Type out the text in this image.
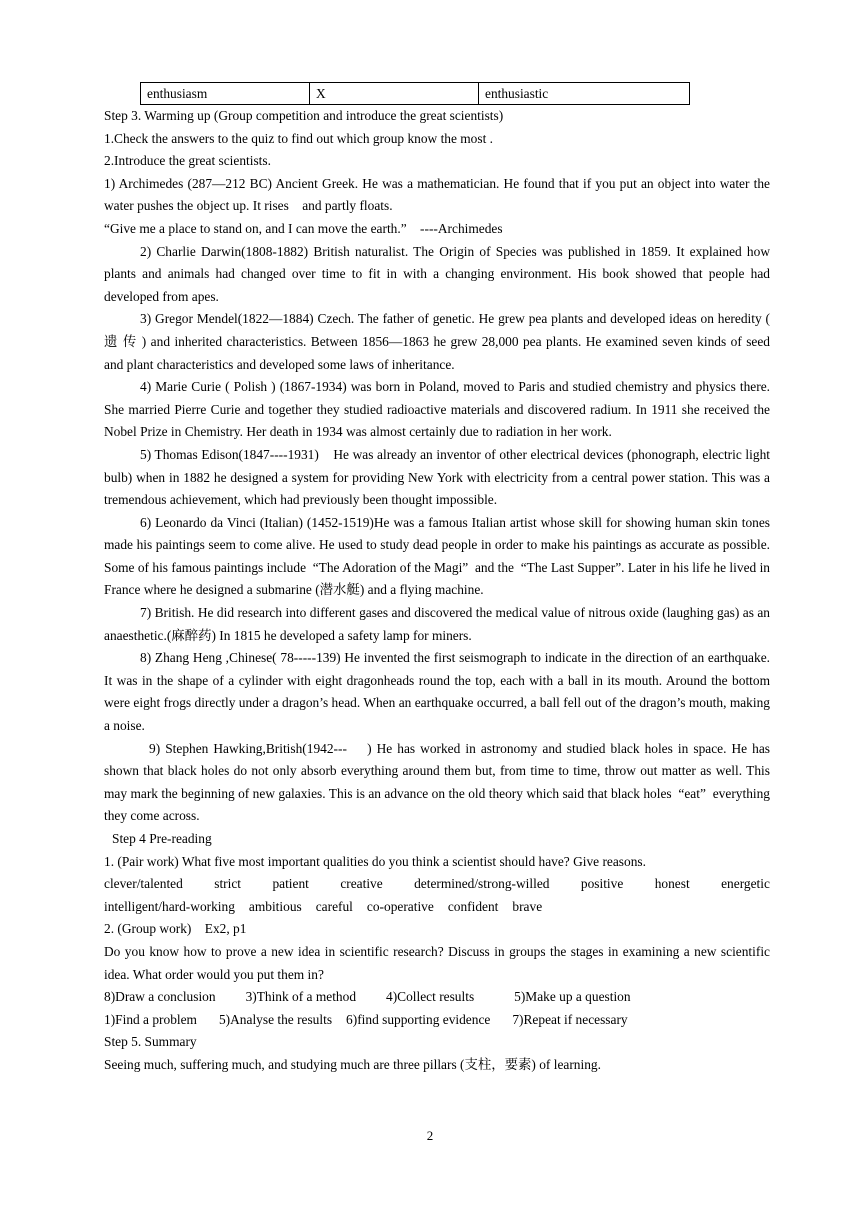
enthusiasm	X	enthusiastic

Step 3. Warming up (Group competition and introduce the great scientists)

1.Check the answers to the quiz to find out which group know the most .

2.Introduce the great scientists.

1) Archimedes (287—212 BC) Ancient Greek. He was a mathematician. He found that if you put an object into water the water pushes the object up. It rises    and partly floats.

“Give me a place to stand on, and I can move the earth.”    ----Archimedes

2) Charlie Darwin(1808-1882) British naturalist. The Origin of Species was published in 1859. It explained how plants and animals had changed over time to fit in with a changing environment. His book showed that people had developed from apes.

3) Gregor Mendel(1822—1884) Czech. The father of genetic. He grew pea plants and developed ideas on heredity ( 遗 传 ) and inherited characteristics. Between 1856—1863 he grew 28,000 pea plants. He examined seven kinds of seed and plant characteristics and developed some laws of inheritance.

4) Marie Curie ( Polish ) (1867-1934) was born in Poland, moved to Paris and studied chemistry and physics there. She married Pierre Curie and together they studied radioactive materials and discovered radium. In 1911 she received the Nobel Prize in Chemistry. Her death in 1934 was almost certainly due to radiation in her work.

5) Thomas Edison(1847----1931)    He was already an inventor of other electrical devices (phonograph, electric light bulb) when in 1882 he designed a system for providing New York with electricity from a central power station. This was a tremendous achievement, which had previously been thought impossible.

6) Leonardo da Vinci (Italian) (1452-1519)He was a famous Italian artist whose skill for showing human skin tones made his paintings seem to come alive. He used to study dead people in order to make his paintings as accurate as possible. Some of his famous paintings include  “The Adoration of the Magi”  and the  “The Last Supper”. Later in his life he lived in France where he designed a submarine (潜水艇) and a flying machine.

7) British. He did research into different gases and discovered the medical value of nitrous oxide (laughing gas) as an anaesthetic.(麻醉药) In 1815 he developed a safety lamp for miners.

8) Zhang Heng ,Chinese( 78-----139) He invented the first seismograph to indicate in the direction of an earthquake. It was in the shape of a cylinder with eight dragonheads round the top, each with a ball in its mouth. Around the bottom were eight frogs directly under a dragon’s head. When an earthquake occurred, a ball fell out of the dragon’s mouth, making a noise.

9) Stephen Hawking,British(1942---    ) He has worked in astronomy and studied black holes in space. He has shown that black holes do not only absorb everything around them but, from time to time, throw out matter as well. This may mark the beginning of new galaxies. This is an advance on the old theory which said that black holes  “eat”  everything they come across.

Step 4 Pre-reading

1. (Pair work) What five most important qualities do you think a scientist should have? Give reasons.

clever/talented strict patient creative determined/strong-willed positive honest energetic
intelligent/hard-working ambitious careful co-operative confident brave

2. (Group work)    Ex2, p1

Do you know how to prove a new idea in scientific research? Discuss in groups the stages in examining a new scientific idea. What order would you put them in?

8)Draw a conclusion 3)Think of a method 4)Collect results	5)Make up a question
1)Find a problem 5)Analyse the results 6)find supporting evidence 7)Repeat if necessary

Step 5. Summary

Seeing much, suffering much, and studying much are three pillars (支柱，要素) of learning.

2
